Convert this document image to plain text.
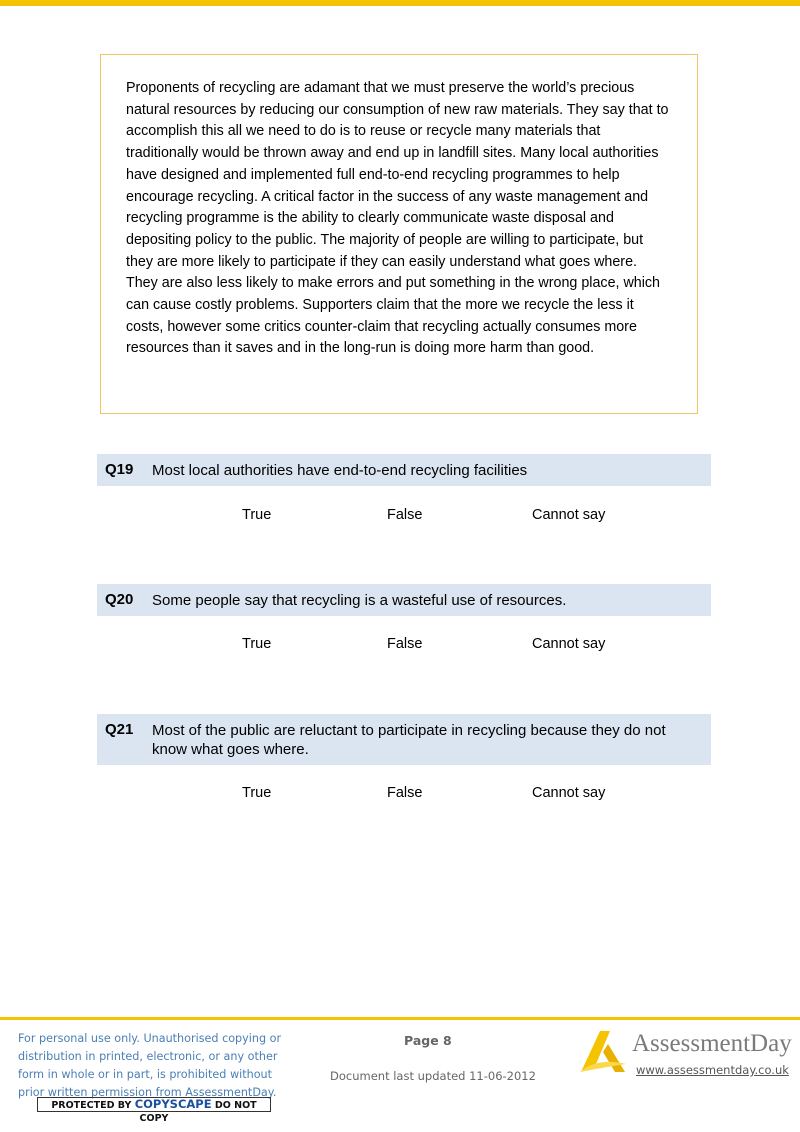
Proponents of recycling are adamant that we must preserve the world’s precious natural resources by reducing our consumption of new raw materials. They say that to accomplish this all we need to do is to reuse or recycle many materials that traditionally would be thrown away and end up in landfill sites. Many local authorities have designed and implemented full end-to-end recycling programmes to help encourage recycling. A critical factor in the success of any waste management and recycling programme is the ability to clearly communicate waste disposal and depositing policy to the public. The majority of people are willing to participate, but they are more likely to participate if they can easily understand what goes where. They are also less likely to make errors and put something in the wrong place, which can cause costly problems. Supporters claim that the more we recycle the less it costs, however some critics counter-claim that recycling actually consumes more resources than it saves and in the long-run is doing more harm than good.

Q19 Most local authorities have end-to-end recycling facilities
True	False	Cannot say
Q20 Some people say that recycling is a wasteful use of resources.
True	False	Cannot say
Q21 Most of the public are reluctant to participate in recycling because they do not know what goes where.
True	False	Cannot say
For personal use only. Unauthorised copying or distribution in printed, electronic, or any other form in whole or in part, is prohibited without prior written permission from AssessmentDay.
PROTECTED BY COPYSCAPE DO NOT COPY
Page 8
Document last updated 11-06-2012
AssessmentDay
www.assessmentday.co.uk
